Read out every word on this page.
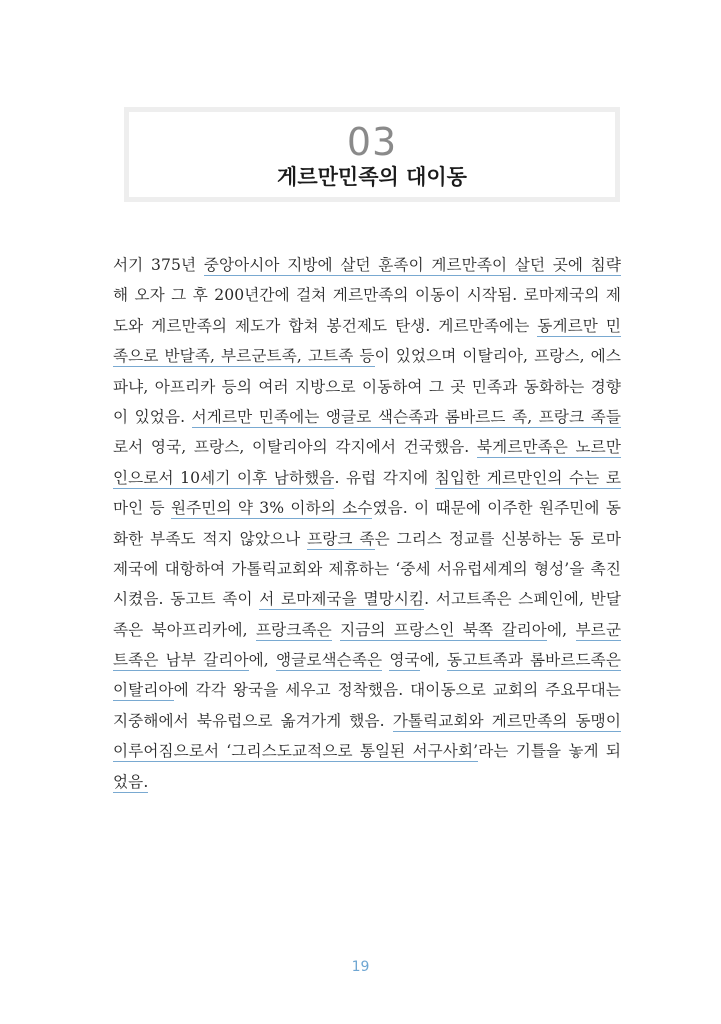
03
게르만민족의 대이동
서기 375년 중앙아시아 지방에 살던 훈족이 게르만족이 살던 곳에 침략
해 오자 그 후 200년간에 걸쳐 게르만족의 이동이 시작됨. 로마제국의 제
도와 게르만족의 제도가 합쳐 봉건제도 탄생. 게르만족에는 동게르만 민
족으로 반달족, 부르군트족, 고트족 등이 있었으며 이탈리아, 프랑스, 에스
파냐, 아프리카 등의 여러 지방으로 이동하여 그 곳 민족과 동화하는 경향
이 있었음. 서게르만 민족에는 앵글로 색슨족과 롬바르드 족, 프랑크 족들
로서 영국, 프랑스, 이탈리아의 각지에서 건국했음. 북게르만족은 노르만
인으로서 10세기 이후 남하했음. 유럽 각지에 침입한 게르만인의 수는 로
마인 등 원주민의 약 3% 이하의 소수였음. 이 때문에 이주한 원주민에 동
화한 부족도 적지 않았으나 프랑크 족은 그리스 정교를 신봉하는 동 로마
제국에 대항하여 가톨릭교회와 제휴하는 ‘중세 서유럽세계의 형성’을 촉진
시켰음. 동고트 족이 서 로마제국을 멸망시킴. 서고트족은 스페인에, 반달
족은 북아프리카에, 프랑크족은 지금의 프랑스인 북쪽 갈리아에, 부르군
트족은 남부 갈리아에, 앵글로색슨족은 영국에, 동고트족과 롬바르드족은
이탈리아에 각각 왕국을 세우고 정착했음. 대이동으로 교회의 주요무대는
지중해에서 북유럽으로 옮겨가게 했음. 가톨릭교회와 게르만족의 동맹이
이루어짐으로서 ‘그리스도교적으로 통일된 서구사회’라는 기틀을 놓게 되
었음.
19
